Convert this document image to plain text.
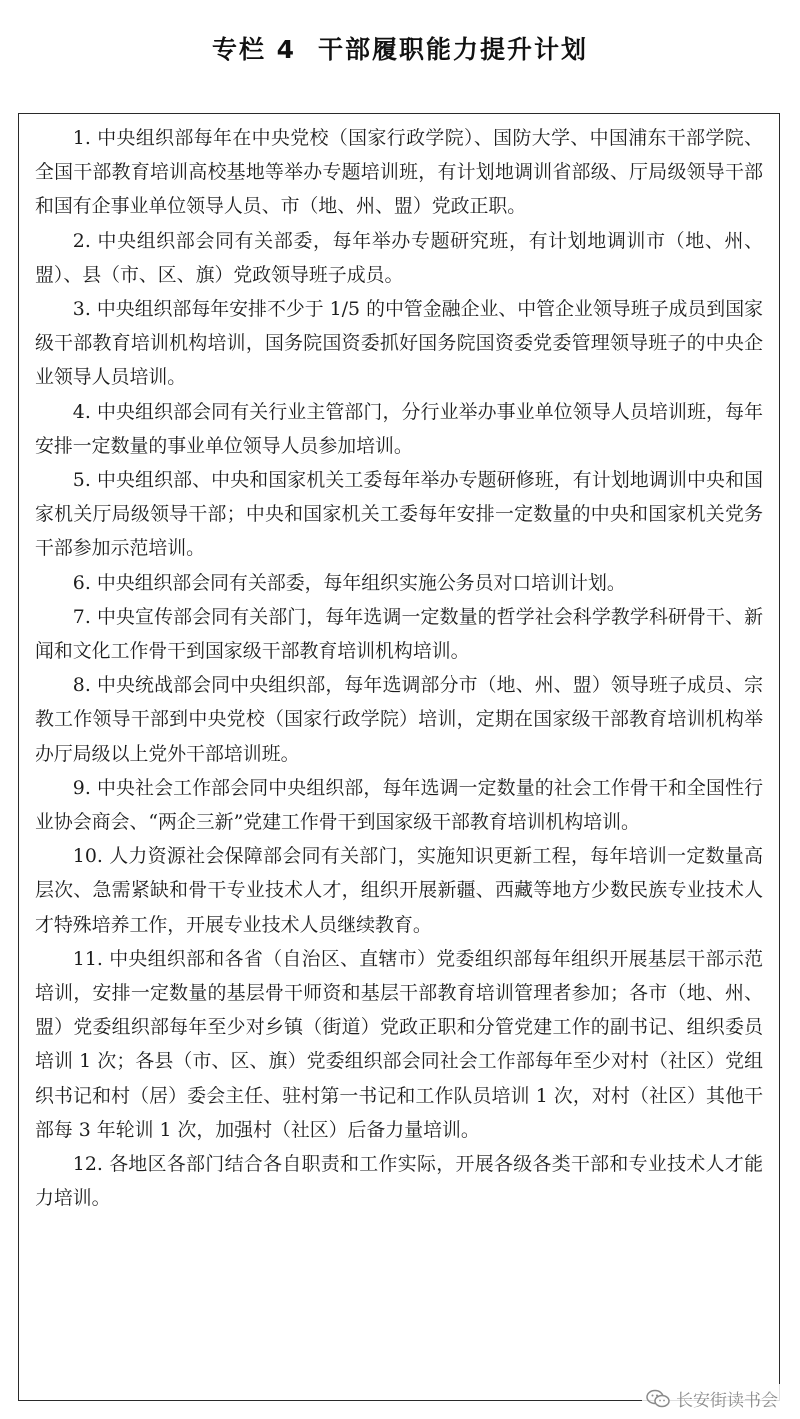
专栏 4 干部履职能力提升计划

1. 中央组织部每年在中央党校（国家行政学院）、国防大学、中国浦东干部学院、全国干部教育培训高校基地等举办专题培训班，有计划地调训省部级、厅局级领导干部和国有企事业单位领导人员、市（地、州、盟）党政正职。

2. 中央组织部会同有关部委，每年举办专题研究班，有计划地调训市（地、州、盟）、县（市、区、旗）党政领导班子成员。

3. 中央组织部每年安排不少于 1/5 的中管金融企业、中管企业领导班子成员到国家级干部教育培训机构培训，国务院国资委抓好国务院国资委党委管理领导班子的中央企业领导人员培训。

4. 中央组织部会同有关行业主管部门，分行业举办事业单位领导人员培训班，每年安排一定数量的事业单位领导人员参加培训。

5. 中央组织部、中央和国家机关工委每年举办专题研修班，有计划地调训中央和国家机关厅局级领导干部；中央和国家机关工委每年安排一定数量的中央和国家机关党务干部参加示范培训。

6. 中央组织部会同有关部委，每年组织实施公务员对口培训计划。

7. 中央宣传部会同有关部门，每年选调一定数量的哲学社会科学教学科研骨干、新闻和文化工作骨干到国家级干部教育培训机构培训。

8. 中央统战部会同中央组织部，每年选调部分市（地、州、盟）领导班子成员、宗教工作领导干部到中央党校（国家行政学院）培训，定期在国家级干部教育培训机构举办厅局级以上党外干部培训班。

9. 中央社会工作部会同中央组织部，每年选调一定数量的社会工作骨干和全国性行业协会商会、“两企三新”党建工作骨干到国家级干部教育培训机构培训。

10. 人力资源社会保障部会同有关部门，实施知识更新工程，每年培训一定数量高层次、急需紧缺和骨干专业技术人才，组织开展新疆、西藏等地方少数民族专业技术人才特殊培养工作，开展专业技术人员继续教育。

11. 中央组织部和各省（自治区、直辖市）党委组织部每年组织开展基层干部示范培训，安排一定数量的基层骨干师资和基层干部教育培训管理者参加；各市（地、州、盟）党委组织部每年至少对乡镇（街道）党政正职和分管党建工作的副书记、组织委员培训 1 次；各县（市、区、旗）党委组织部会同社会工作部每年至少对村（社区）党组织书记和村（居）委会主任、驻村第一书记和工作队员培训 1 次，对村（社区）其他干部每 3 年轮训 1 次，加强村（社区）后备力量培训。

12. 各地区各部门结合各自职责和工作实际，开展各级各类干部和专业技术人才能力培训。

长安街读书会
